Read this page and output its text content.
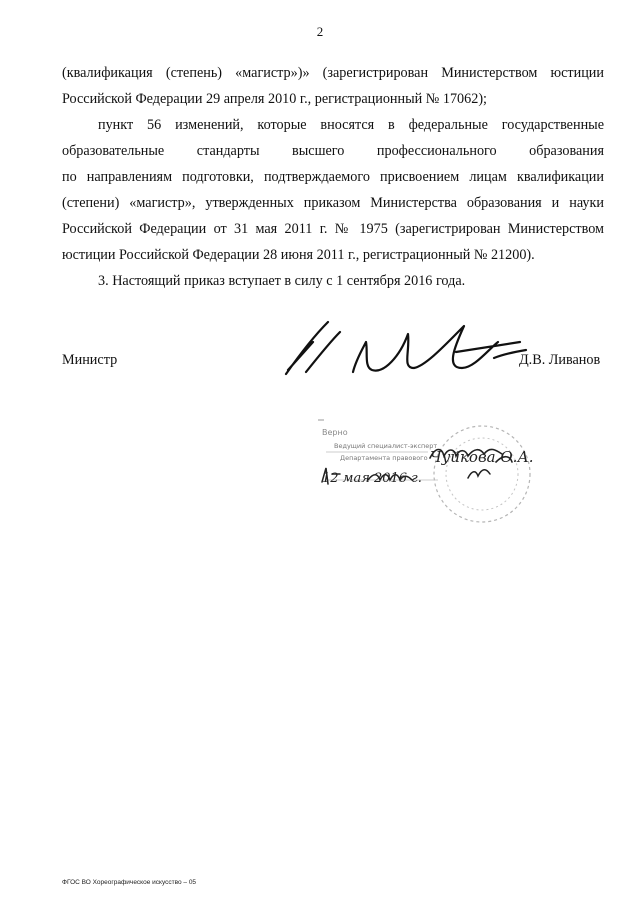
2

(квалификация (степень) «магистр»)» (зарегистрирован Министерством юстиции
Российской Федерации 29 апреля 2010 г., регистрационный № 17062);

пункт 56 изменений, которые вносятся в федеральные государственные
образовательные стандарты высшего профессионального образования
по направлениям подготовки, подтверждаемого присвоением лицам квалификации
(степени) «магистр», утвержденных приказом Министерства образования и науки
Российской Федерации от 31 мая 2011 г. № 1975 (зарегистрирован Министерством
юстиции Российской Федерации 28 июня 2011 г., регистрационный № 21200).

3. Настоящий приказ вступает в силу с 1 сентября 2016 года.

Министр	Д.В. Ливанов
Верно
Ведущий специалист-эксперт
Департамента правового Чуйкова О.А.
12 мая 2016 г.
ФГОС ВО Хореографическое искусство – 05
